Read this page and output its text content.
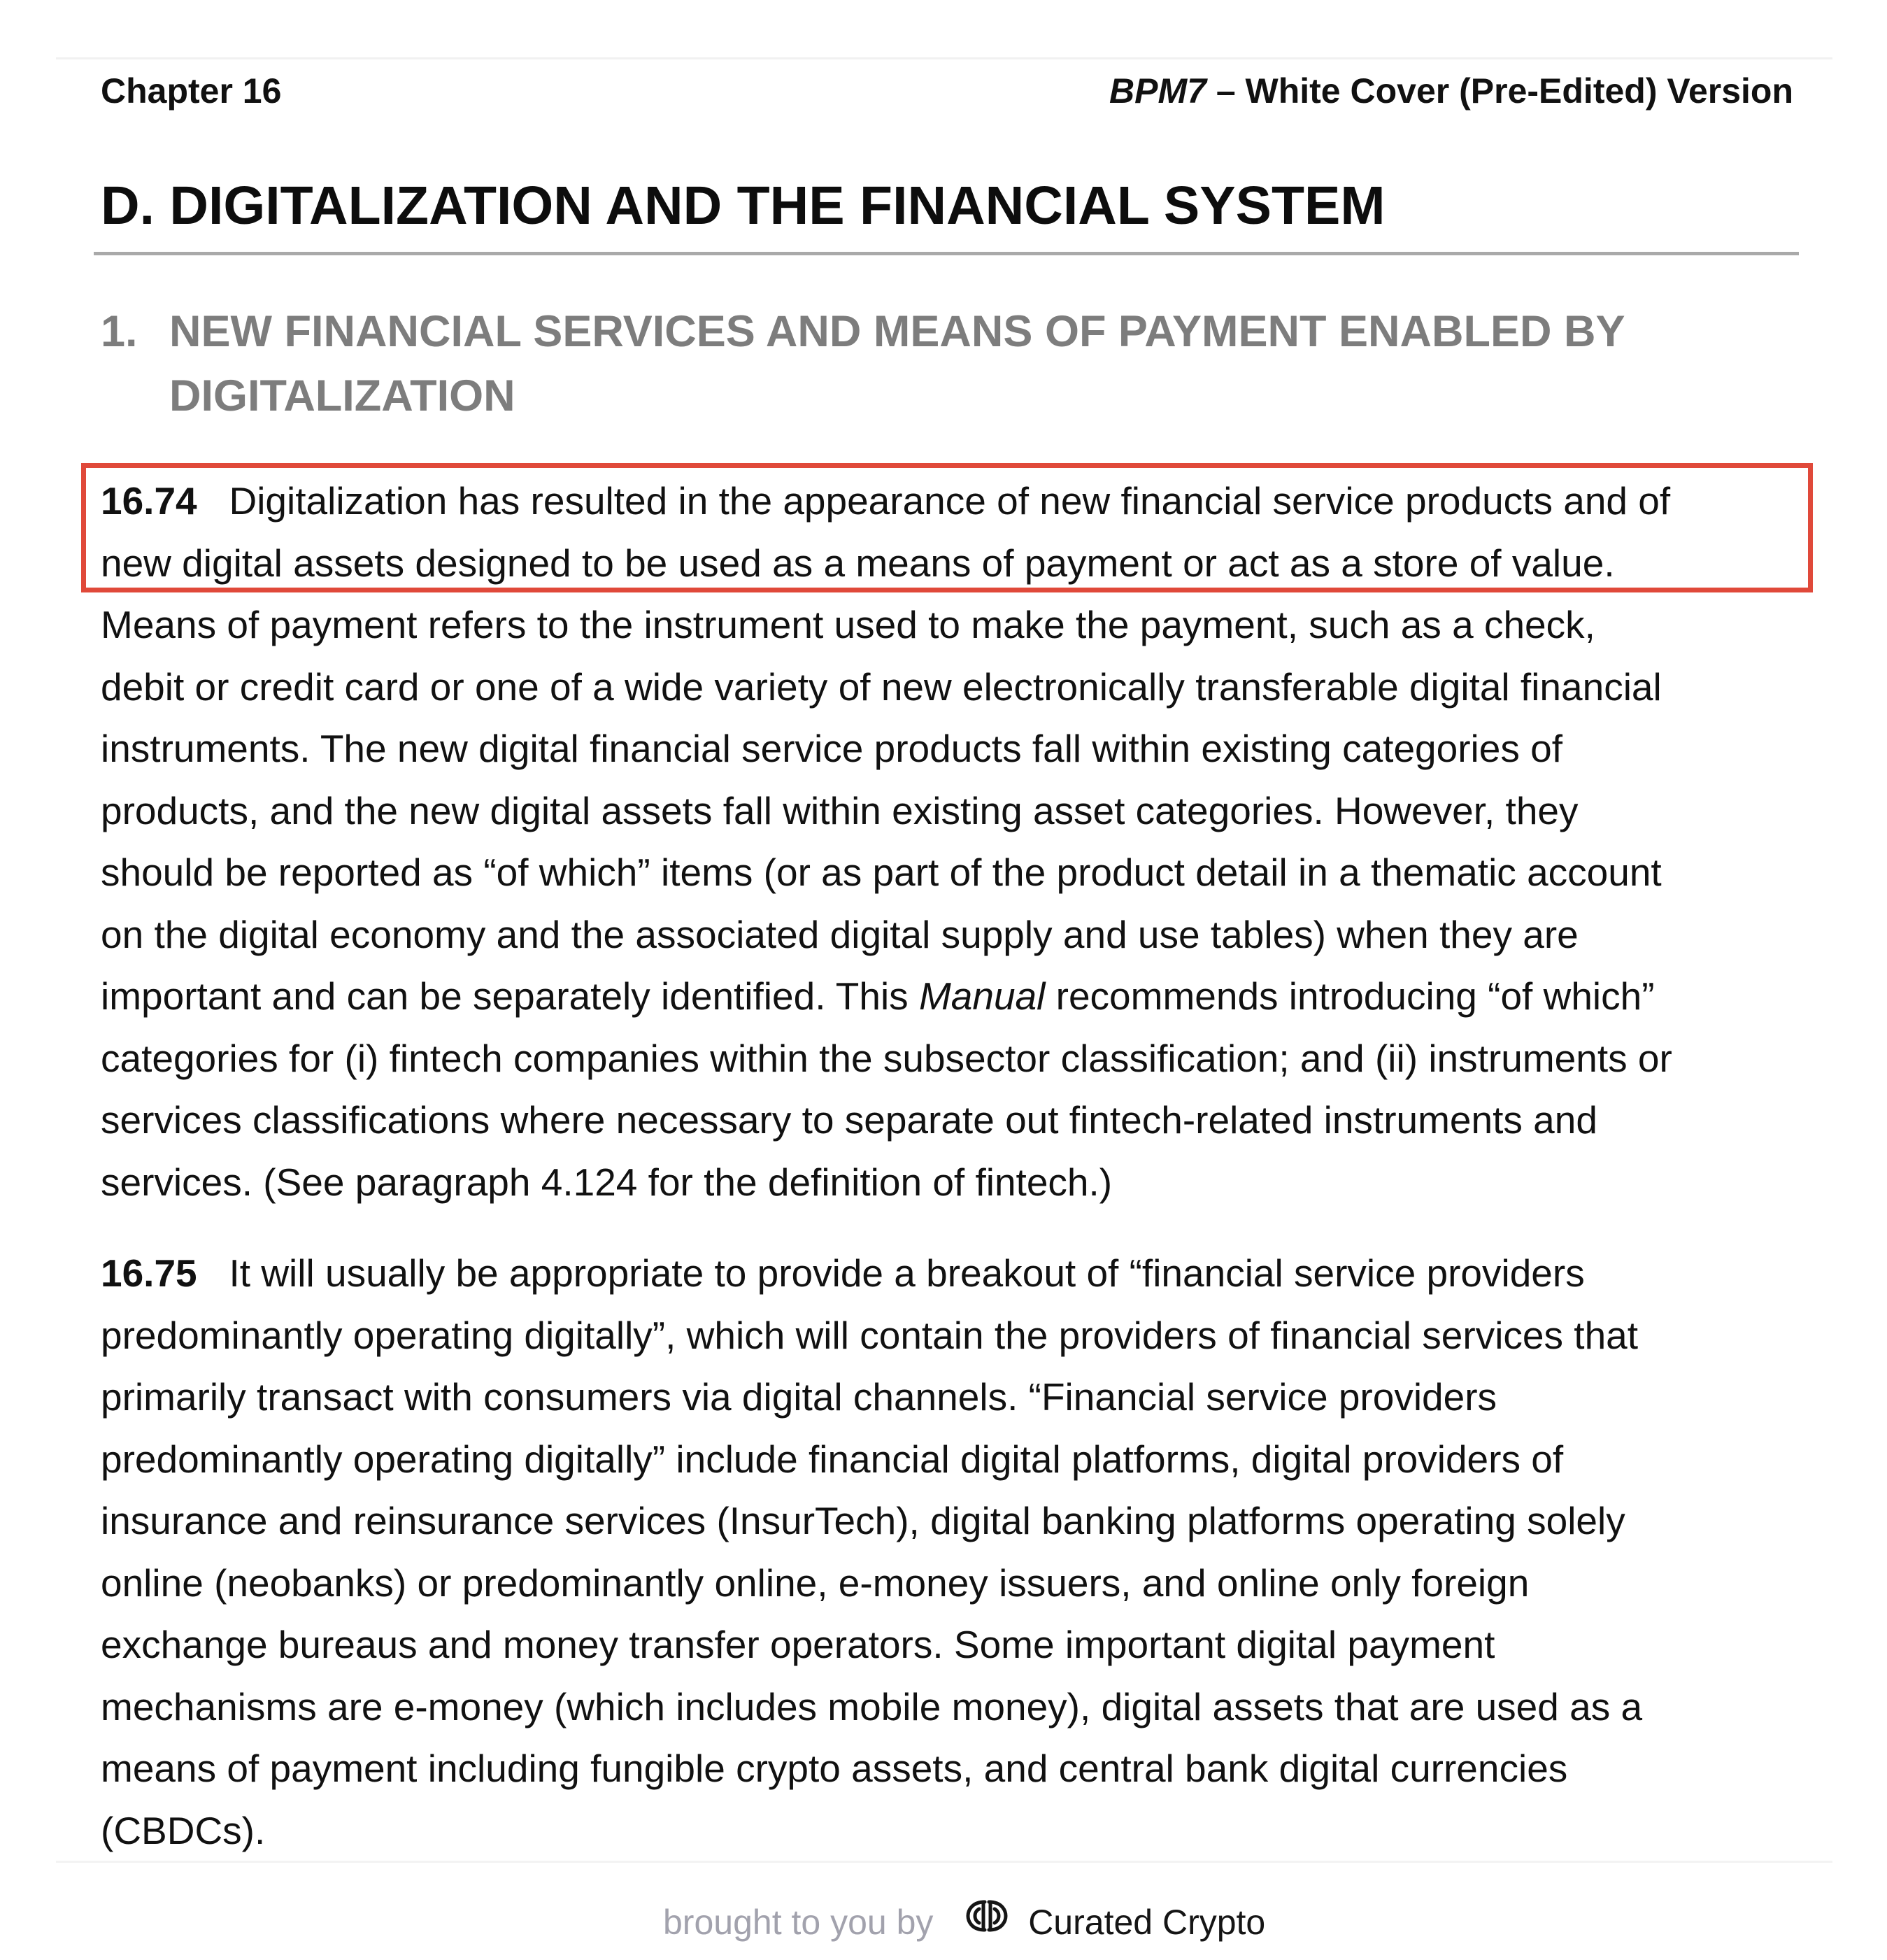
Chapter 16	BPM7 – White Cover (Pre-Edited) Version
D. DIGITALIZATION AND THE FINANCIAL SYSTEM
1. NEW FINANCIAL SERVICES AND MEANS OF PAYMENT ENABLED BY
DIGITALIZATION
16.74 Digitalization has resulted in the appearance of new financial service products and of
new digital assets designed to be used as a means of payment or act as a store of value.
Means of payment refers to the instrument used to make the payment, such as a check,
debit or credit card or one of a wide variety of new electronically transferable digital financial
instruments. The new digital financial service products fall within existing categories of
products, and the new digital assets fall within existing asset categories. However, they
should be reported as “of which” items (or as part of the product detail in a thematic account
on the digital economy and the associated digital supply and use tables) when they are
important and can be separately identified. This Manual recommends introducing “of which”
categories for (i) fintech companies within the subsector classification; and (ii) instruments or
services classifications where necessary to separate out fintech-related instruments and
services. (See paragraph 4.124 for the definition of fintech.)
16.75 It will usually be appropriate to provide a breakout of “financial service providers
predominantly operating digitally”, which will contain the providers of financial services that
primarily transact with consumers via digital channels. “Financial service providers
predominantly operating digitally” include financial digital platforms, digital providers of
insurance and reinsurance services (InsurTech), digital banking platforms operating solely
online (neobanks) or predominantly online, e-money issuers, and online only foreign
exchange bureaus and money transfer operators. Some important digital payment
mechanisms are e-money (which includes mobile money), digital assets that are used as a
means of payment including fungible crypto assets, and central bank digital currencies
(CBDCs).
brought to you by	Curated Crypto
